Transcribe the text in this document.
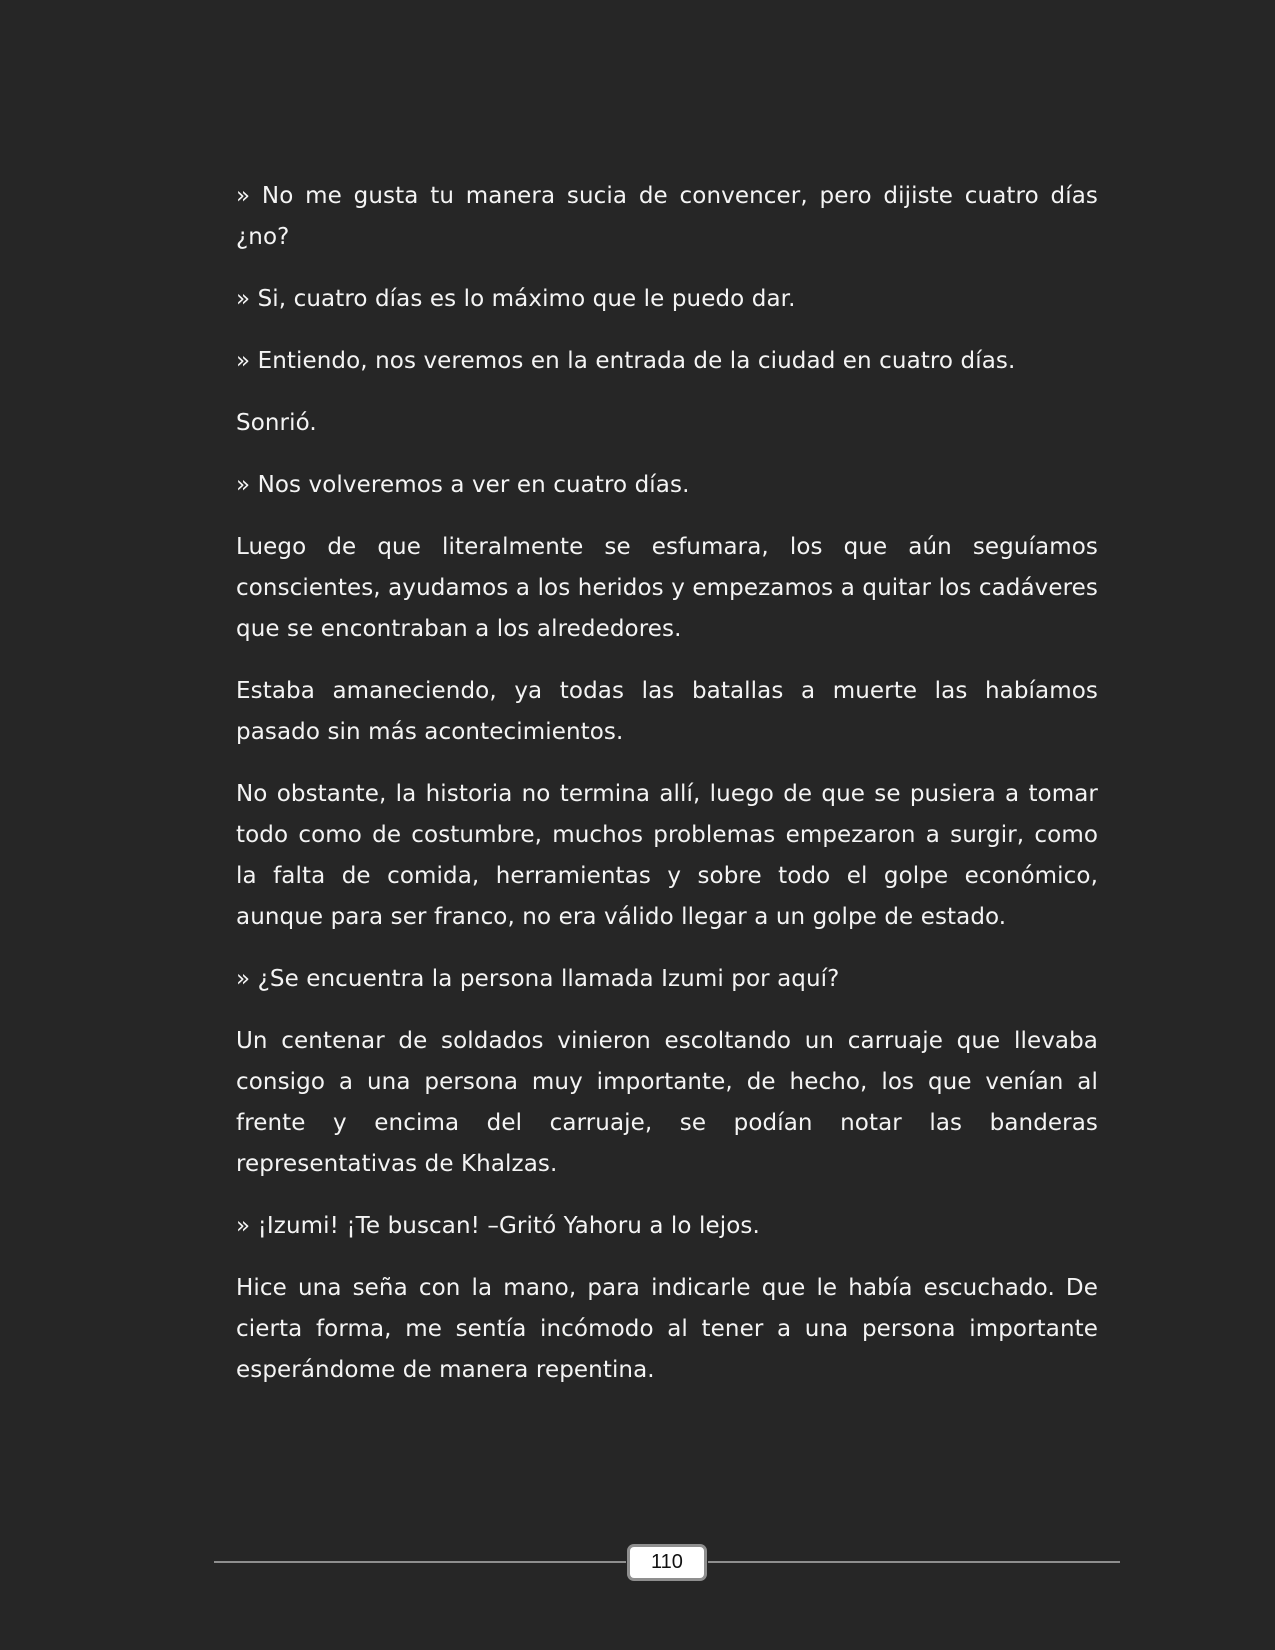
» No me gusta tu manera sucia de convencer, pero dijiste cuatro días ¿no?

» Si, cuatro días es lo máximo que le puedo dar.

» Entiendo, nos veremos en la entrada de la ciudad en cuatro días.

Sonrió.

» Nos volveremos a ver en cuatro días.

Luego de que literalmente se esfumara, los que aún seguíamos conscientes, ayudamos a los heridos y empezamos a quitar los cadáveres que se encontraban a los alrededores.

Estaba amaneciendo, ya todas las batallas a muerte las habíamos pasado sin más acontecimientos.

No obstante, la historia no termina allí, luego de que se pusiera a tomar todo como de costumbre, muchos problemas empezaron a surgir, como la falta de comida, herramientas y sobre todo el golpe económico, aunque para ser franco, no era válido llegar a un golpe de estado.

» ¿Se encuentra la persona llamada Izumi por aquí?

Un centenar de soldados vinieron escoltando un carruaje que llevaba consigo a una persona muy importante, de hecho, los que venían al frente y encima del carruaje, se podían notar las banderas representativas de Khalzas.

» ¡Izumi! ¡Te buscan! –Gritó Yahoru a lo lejos.

Hice una seña con la mano, para indicarle que le había escuchado. De cierta forma, me sentía incómodo al tener a una persona importante esperándome de manera repentina.

110
